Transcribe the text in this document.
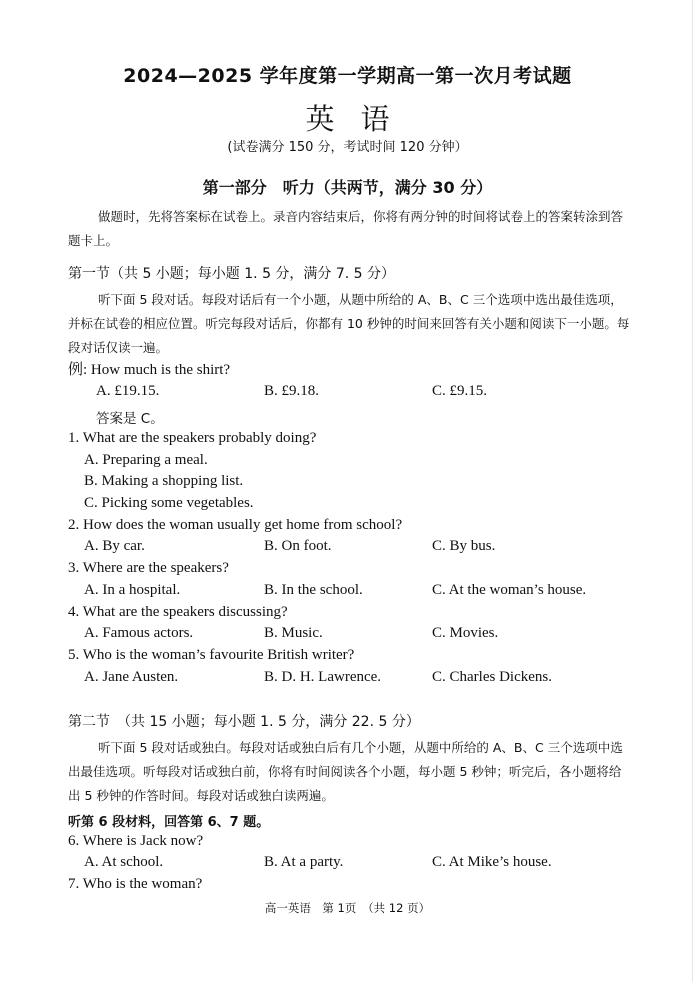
2024—2025 学年度第一学期高一第一次月考试题
英语
(试卷满分 150 分，考试时间 120 分钟）
第一部分　听力（共两节，满分 30 分）
做题时，先将答案标在试卷上。录音内容结束后，你将有两分钟的时间将试卷上的答案转涂到答题卡上。
第一节（共 5 小题；每小题 1. 5 分，满分 7. 5 分）
听下面 5 段对话。每段对话后有一个小题，从题中所给的 A、B、C 三个选项中选出最佳选项，并标在试卷的相应位置。听完每段对话后，你都有 10 秒钟的时间来回答有关小题和阅读下一小题。每段对话仅读一遍。
例: How much is the shirt?
A. £19.15.	B. £9.18.	C. £9.15.
答案是 C。
1. What are the speakers probably doing?
A. Preparing a meal.
B. Making a shopping list.
C. Picking some vegetables.
2. How does the woman usually get home from school?
A. By car.	B. On foot.	C. By bus.
3. Where are the speakers?
A. In a hospital.	B. In the school.	C. At the woman’s house.
4. What are the speakers discussing?
A. Famous actors.	B. Music.	C. Movies.
5. Who is the woman’s favourite British writer?
A. Jane Austen.	B. D. H. Lawrence.	C. Charles Dickens.
第二节　（共 15 小题；每小题 1. 5 分，满分 22. 5 分）
听下面 5 段对话或独白。每段对话或独白后有几个小题，从题中所给的 A、B、C 三个选项中选出最佳选项。听每段对话或独白前，你将有时间阅读各个小题，每小题 5 秒钟；听完后，各小题将给出 5 秒钟的作答时间。每段对话或独白读两遍。
听第 6 段材料，回答第 6、7 题。
6. Where is Jack now?
A. At school.	B. At a party.	C. At Mike’s house.
7. Who is the woman?
高一英语　第 1页　（共 12 页）
